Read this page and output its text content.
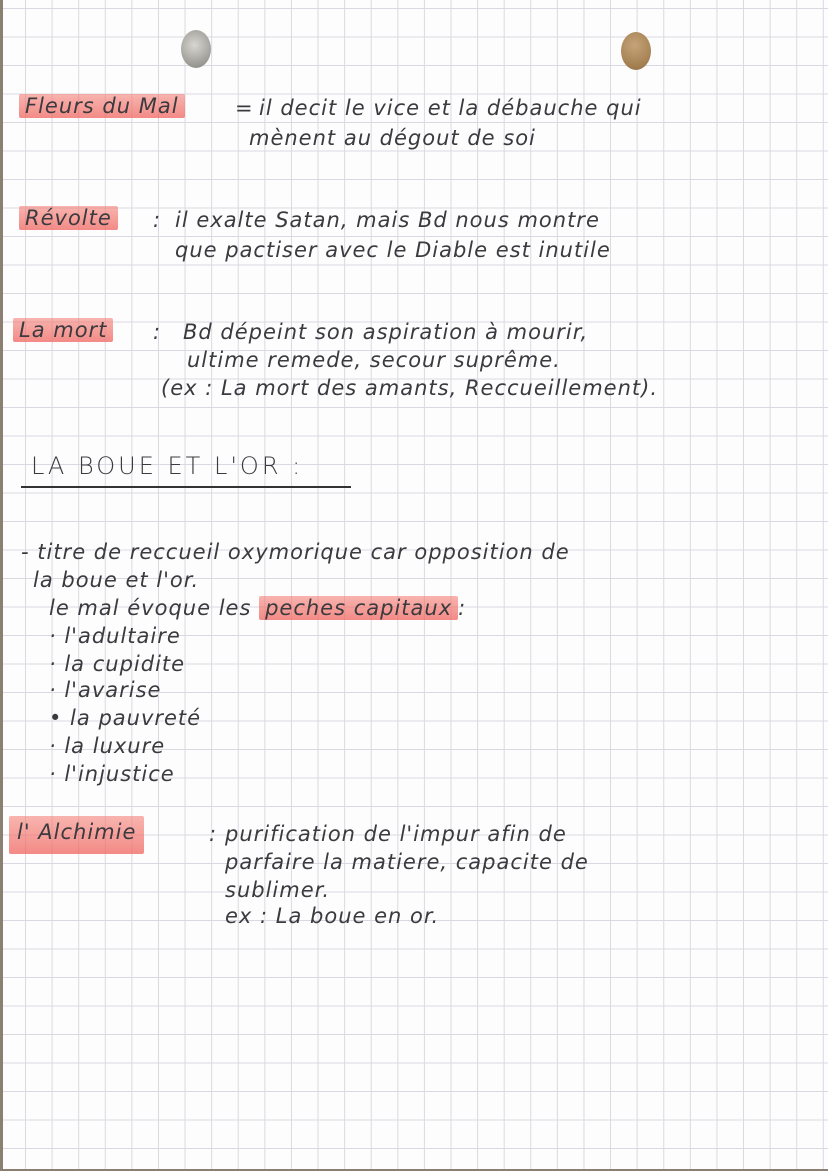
Fleurs du Mal	= il decit le vice et la débauche qui
mènent au dégout de soi
Révolte : il exalte Satan, mais Bd nous montre
que pactiser avec le Diable est inutile
La mort : Bd dépeint son aspiration à mourir,
ultime remede, secour suprême.
(ex : La mort des amants, Reccueillement).
LA BOUE ET L'OR :
- titre de reccueil oxymorique car opposition de
la boue et l'or.
le mal évoque les peches capitaux :
· l'adultaire
· la cupidite
· l'avarise
• la pauvreté
· la luxure
· l'injustice
l' Alchimie	: purification de l'impur afin de
parfaire la matiere, capacite de
sublimer.
ex : La boue en or.
